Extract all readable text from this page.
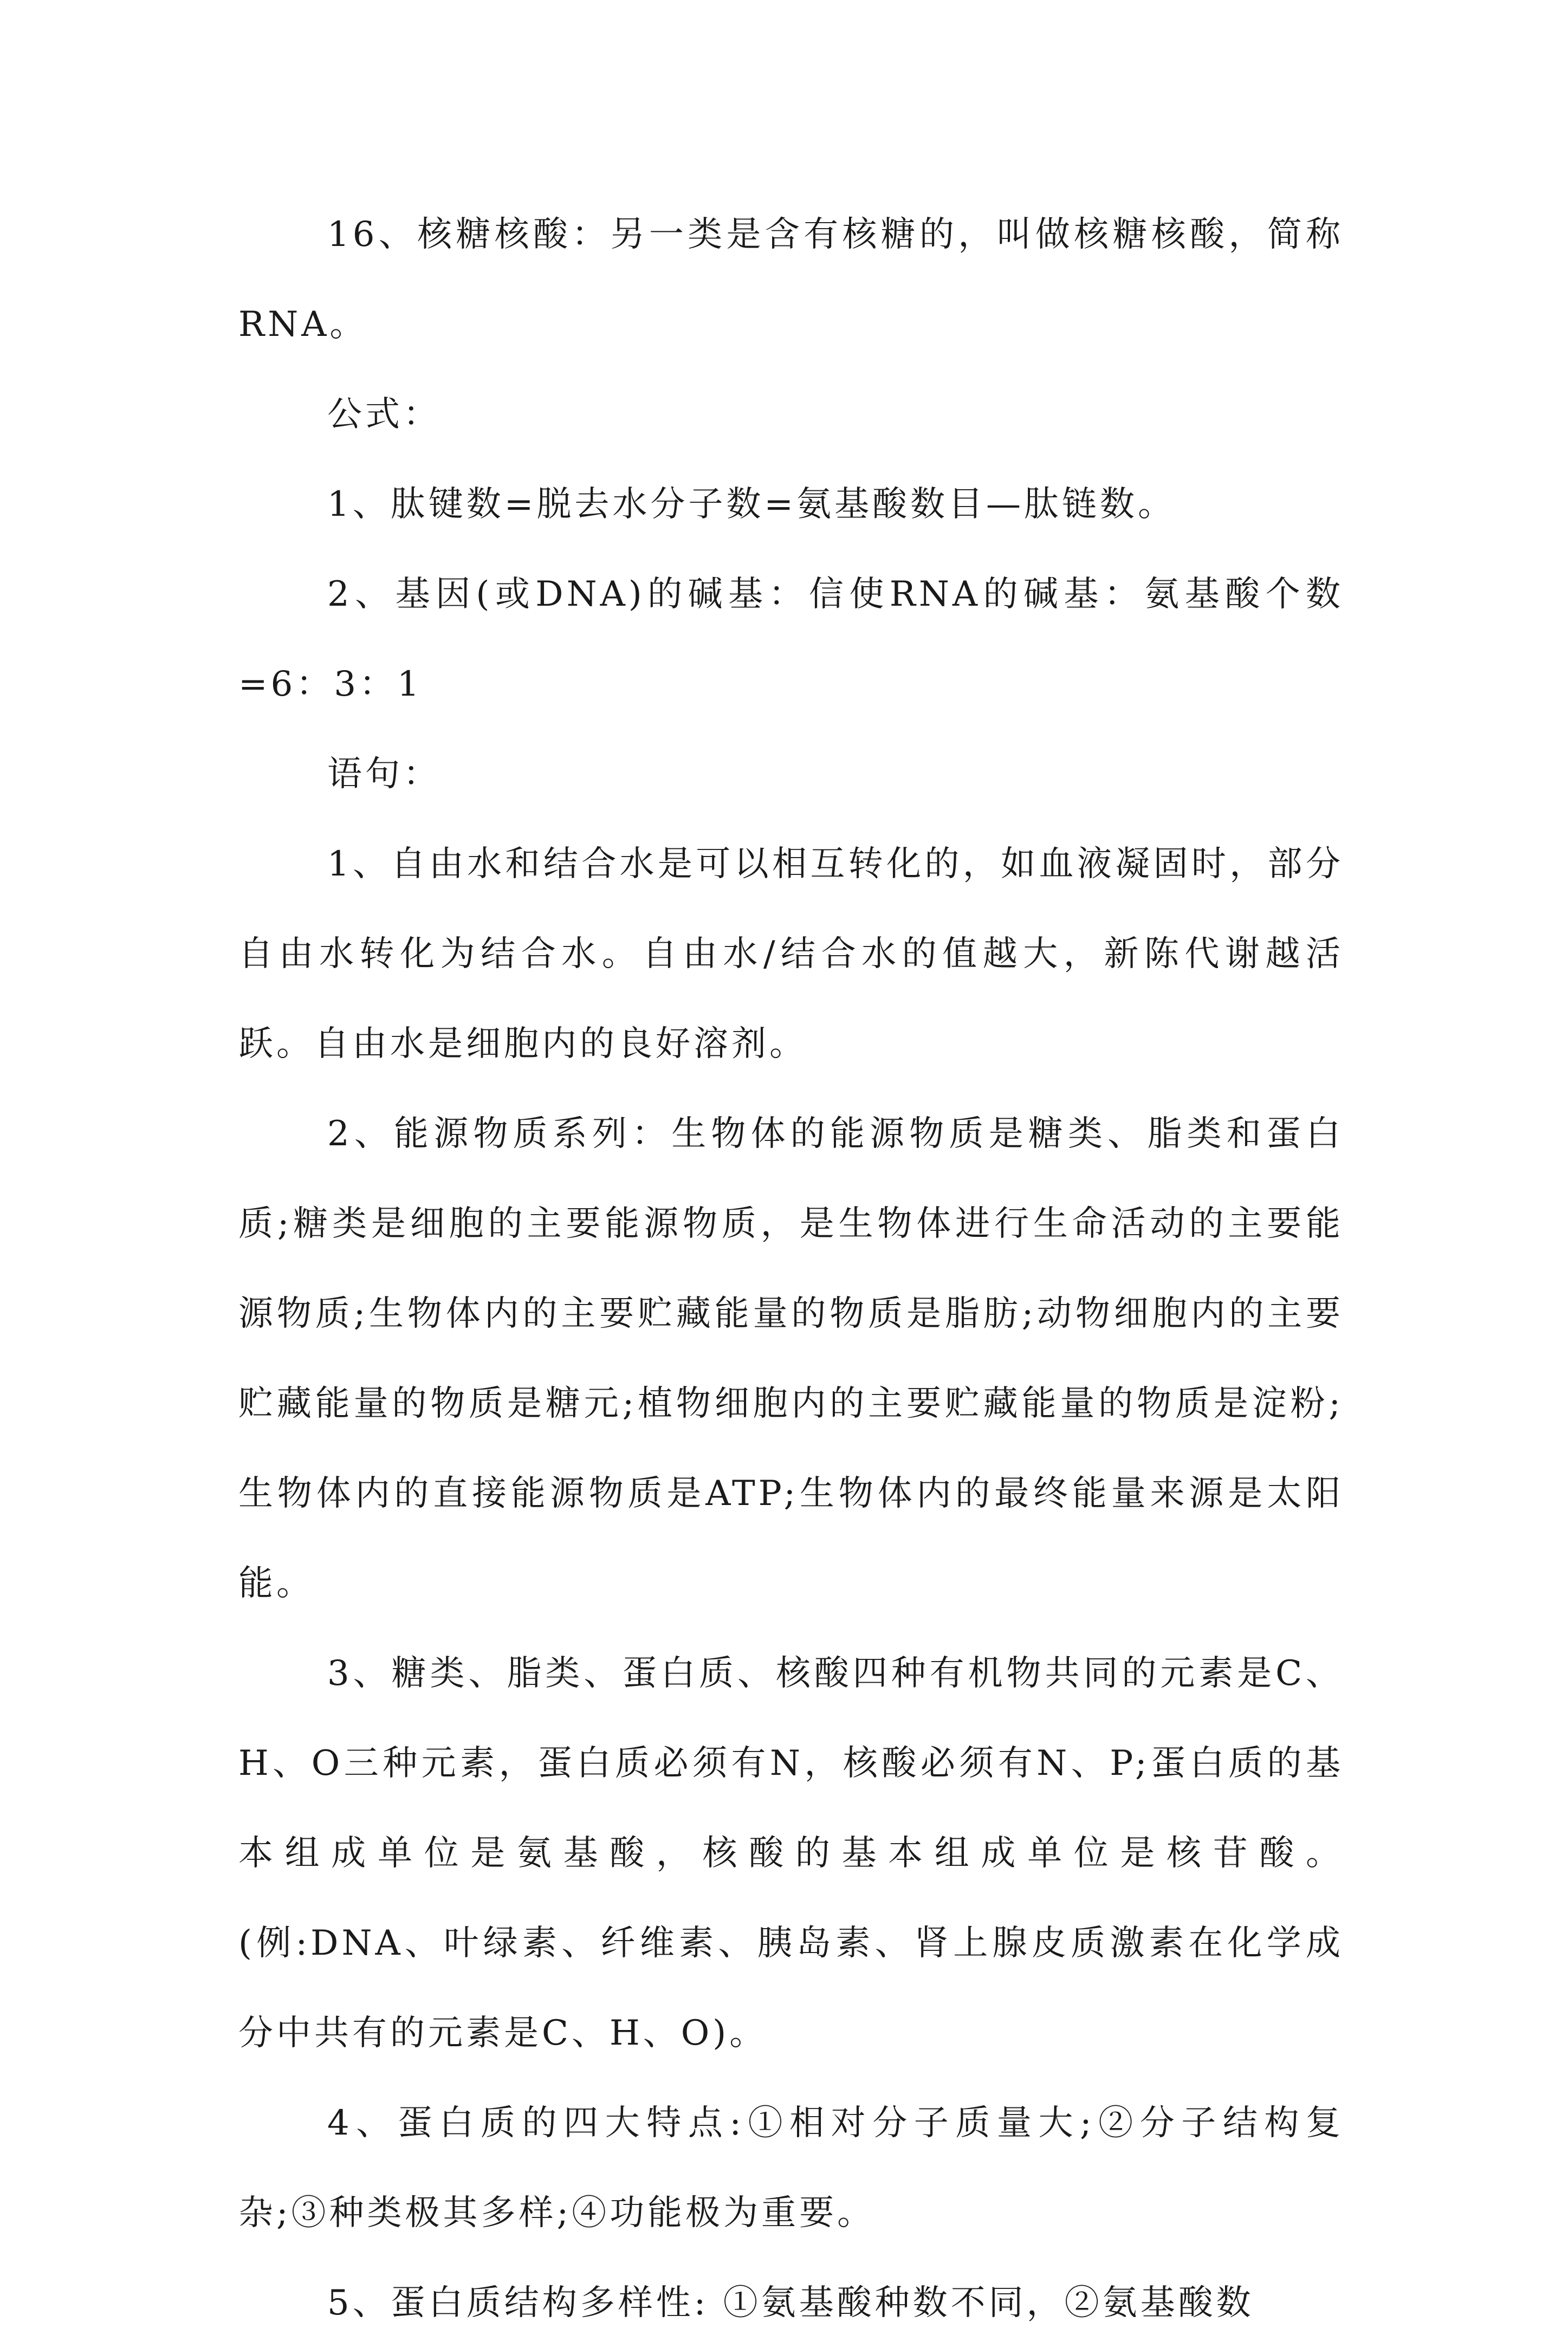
16、核糖核酸：另一类是含有核糖的，叫做核糖核酸，简称RNA。

公式：

1、肽键数=脱去水分子数=氨基酸数目—肽链数。

2、基因(或DNA)的碱基：信使RNA的碱基：氨基酸个数=6：3：1

语句：

1、自由水和结合水是可以相互转化的，如血液凝固时，部分自由水转化为结合水。自由水/结合水的值越大，新陈代谢越活跃。自由水是细胞内的良好溶剂。

2、能源物质系列：生物体的能源物质是糖类、脂类和蛋白质;糖类是细胞的主要能源物质，是生物体进行生命活动的主要能源物质;生物体内的主要贮藏能量的物质是脂肪;动物细胞内的主要贮藏能量的物质是糖元;植物细胞内的主要贮藏能量的物质是淀粉;生物体内的直接能源物质是ATP;生物体内的最终能量来源是太阳能。

3、糖类、脂类、蛋白质、核酸四种有机物共同的元素是C、H、O三种元素，蛋白质必须有N，核酸必须有N、P;蛋白质的基本组成单位是氨基酸，核酸的基本组成单位是核苷酸。(例:DNA、叶绿素、纤维素、胰岛素、肾上腺皮质激素在化学成分中共有的元素是C、H、O)。

4、蛋白质的四大特点:①相对分子质量大;②分子结构复杂;③种类极其多样;④功能极为重要。

5、蛋白质结构多样性: ①氨基酸种数不同，②氨基酸数
